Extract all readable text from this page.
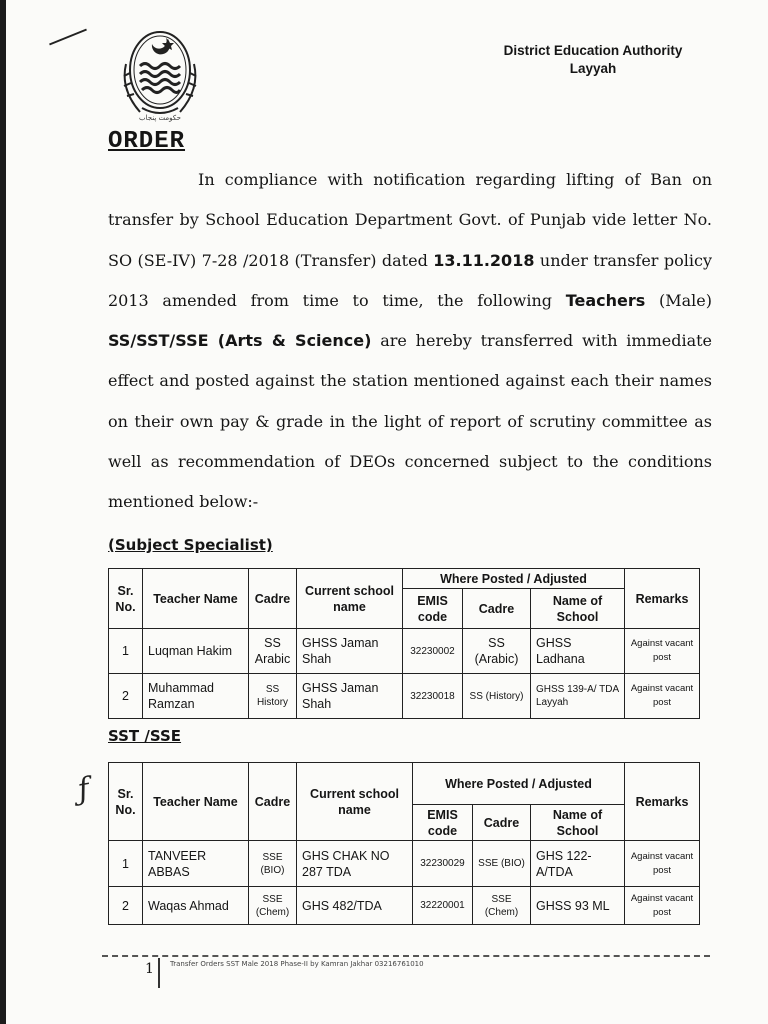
حکومت پنجاب
District Education Authority
Layyah
ORDER
In compliance with notification regarding lifting of Ban on transfer by School Education Department Govt. of Punjab vide letter No. SO (SE-IV) 7-28 /2018 (Transfer) dated 13.11.2018 under transfer policy 2013 amended from time to time, the following Teachers (Male) SS/SST/SSE (Arts & Science) are hereby transferred with immediate effect and posted against the station mentioned against each their names on their own pay & grade in the light of report of scrutiny committee as well as recommendation of DEOs concerned subject to the conditions mentioned below:-
(Subject Specialist)
Sr. No.	Teacher Name	Cadre	Current school name	Where Posted / Adjusted			Remarks
				EMIS code	Cadre	Name of School	
1	Luqman Hakim	SS Arabic	GHSS Jaman Shah	32230002	SS (Arabic)	GHSS Ladhana	Against vacant post
2	Muhammad Ramzan	SS History	GHSS Jaman Shah	32230018	SS (History)	GHSS 139-A/ TDA Layyah	Against vacant post
SST /SSE
ƒ Sr. No.	Teacher Name	Cadre	Current school name	Where Posted / Adjusted			Remarks
				EMIS code	Cadre	Name of School	
1	TANVEER ABBAS	SSE (BIO)	GHS CHAK NO 287 TDA	32230029	SSE (BIO)	GHS 122-A/TDA	Against vacant post
2	Waqas Ahmad	SSE (Chem)	GHS 482/TDA	32220001	SSE (Chem)	GHSS 93 ML	Against vacant post
1 Transfer Orders SST Male 2018 Phase-II by Kamran Jakhar 03216761010
